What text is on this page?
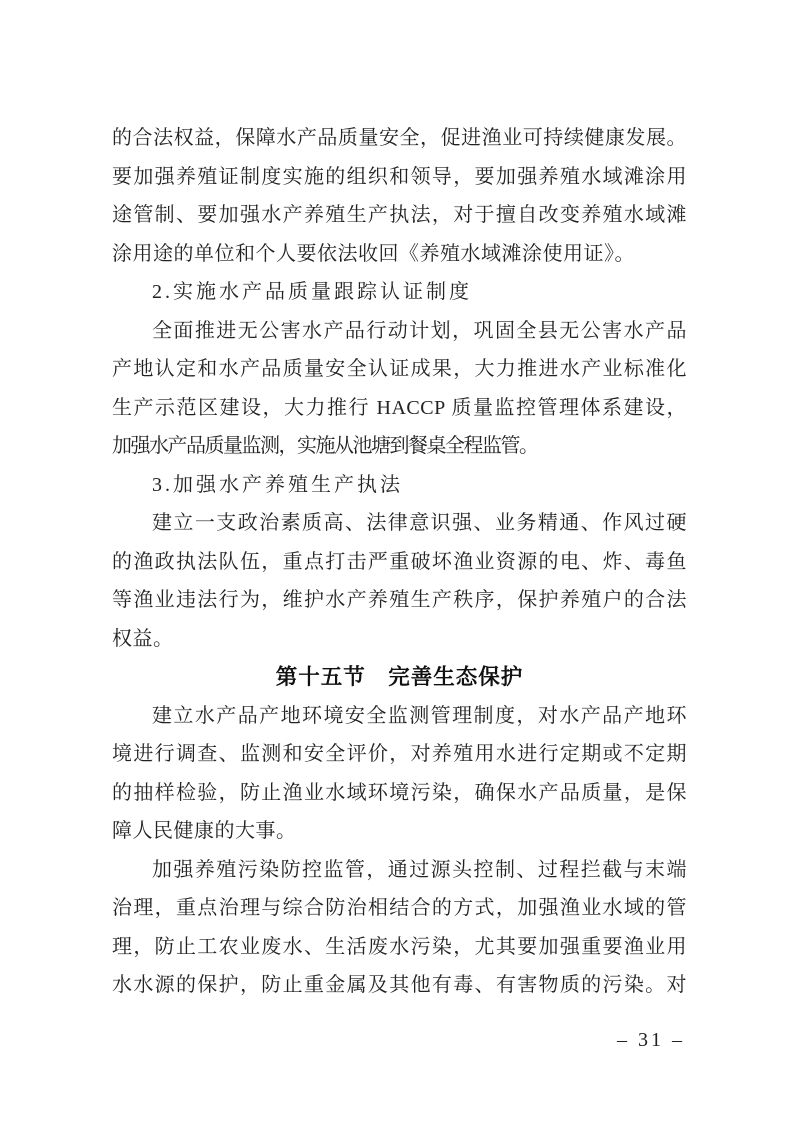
的合法权益，保障水产品质量安全，促进渔业可持续健康发展。
要加强养殖证制度实施的组织和领导，要加强养殖水域滩涂用
途管制、要加强水产养殖生产执法，对于擅自改变养殖水域滩
涂用途的单位和个人要依法收回《养殖水域滩涂使用证》。
2.实施水产品质量跟踪认证制度
全面推进无公害水产品行动计划，巩固全县无公害水产品
产地认定和水产品质量安全认证成果，大力推进水产业标准化
生产示范区建设，大力推行 HACCP 质量监控管理体系建设，
加强水产品质量监测，实施从池塘到餐桌全程监管。
3.加强水产养殖生产执法
建立一支政治素质高、法律意识强、业务精通、作风过硬
的渔政执法队伍，重点打击严重破坏渔业资源的电、炸、毒鱼
等渔业违法行为，维护水产养殖生产秩序，保护养殖户的合法
权益。
第十五节　完善生态保护
建立水产品产地环境安全监测管理制度，对水产品产地环
境进行调查、监测和安全评价，对养殖用水进行定期或不定期
的抽样检验，防止渔业水域环境污染，确保水产品质量，是保
障人民健康的大事。
加强养殖污染防控监管，通过源头控制、过程拦截与末端
治理，重点治理与综合防治相结合的方式，加强渔业水域的管
理，防止工农业废水、生活废水污染，尤其要加强重要渔业用
水水源的保护，防止重金属及其他有毒、有害物质的污染。对
– 31 –
